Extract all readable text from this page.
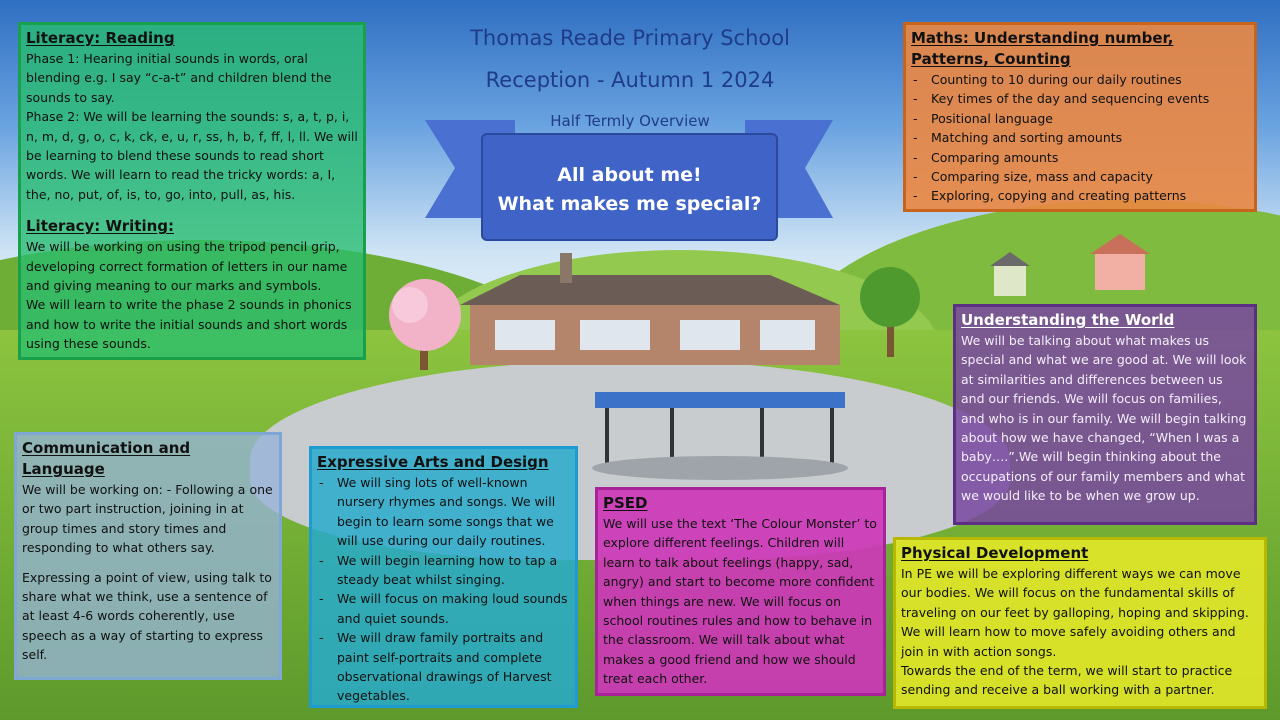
Thomas Reade Primary School
Reception - Autumn 1 2024
Half Termly Overview
All about me!
What makes me special?
Literacy: Reading

Phase 1: Hearing initial sounds in words, oral blending e.g. I say “c-a-t” and children blend the sounds to say.

Phase 2: We will be learning the sounds: s, a, t, p, i, n, m, d, g, o, c, k, ck, e, u, r, ss, h, b, f, ff, l, ll. We will be learning to blend these sounds to read short words. We will learn to read the tricky words: a, I, the, no, put, of, is, to, go, into, pull, as, his.

Literacy: Writing:

We will be working on using the tripod pencil grip, developing correct formation of letters in our name and giving meaning to our marks and symbols.

We will learn to write the phase 2 sounds in phonics and how to write the initial sounds and short words using these sounds.

Maths: Understanding number, Patterns, Counting
- Counting to 10 during our daily routines
- Key times of the day and sequencing events
- Positional language
- Matching and sorting amounts
- Comparing amounts
- Comparing size, mass and capacity
- Exploring, copying and creating patterns
Understanding the World

We will be talking about what makes us special and what we are good at. We will look at similarities and differences between us and our friends. We will focus on families, and who is in our family. We will begin talking about how we have changed, “When I was a baby….”.We will begin thinking about the occupations of our family members and what we would like to be when we grow up.

Communication and Language

We will be working on: - Following a one or two part instruction, joining in at group times and story times and responding to what others say.

Expressing a point of view, using talk to share what we think, use a sentence of at least 4-6 words coherently, use speech as a way of starting to express self.

Expressive Arts and Design
- We will sing lots of well-known nursery rhymes and songs. We will begin to learn some songs that we will use during our daily routines.
- We will begin learning how to tap a steady beat whilst singing.
- We will focus on making loud sounds and quiet sounds.
- We will draw family portraits and paint self-portraits and complete observational drawings of Harvest vegetables.
PSED

We will use the text ‘The Colour Monster’ to explore different feelings. Children will learn to talk about feelings (happy, sad, angry) and start to become more confident when things are new. We will focus on school routines rules and how to behave in the classroom. We will talk about what makes a good friend and how we should treat each other.

Physical Development

In PE we will be exploring different ways we can move our bodies. We will focus on the fundamental skills of traveling on our feet by galloping, hoping and skipping. We will learn how to move safely avoiding others and join in with action songs.

Towards the end of the term, we will start to practice sending and receive a ball working with a partner.
